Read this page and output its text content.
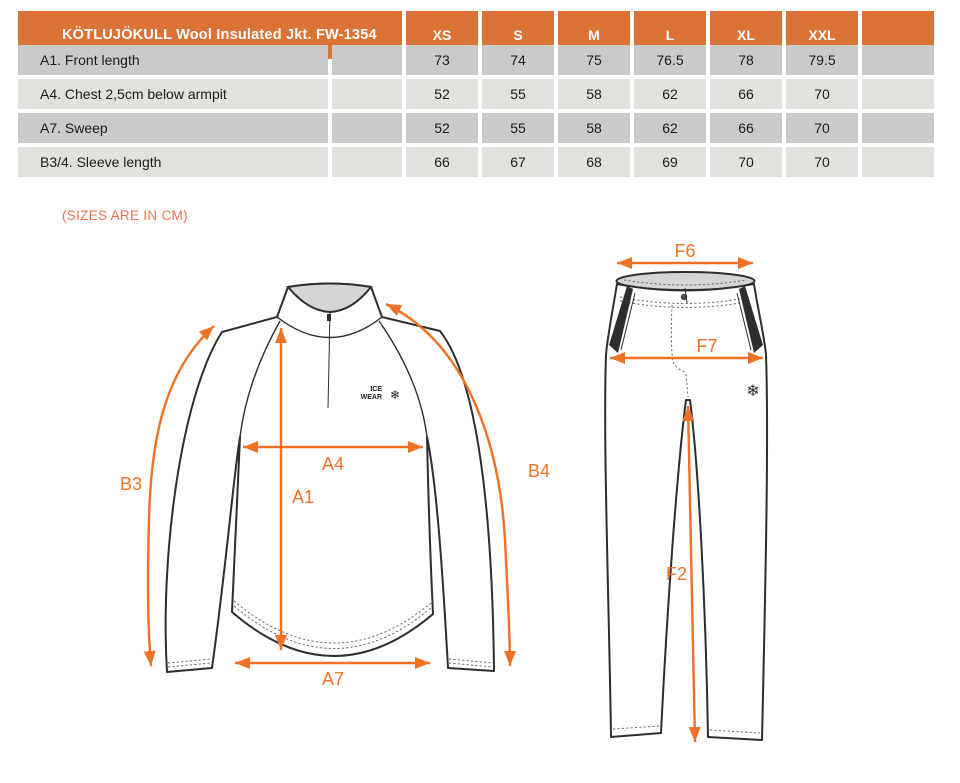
KÖTLUJÖKULL Wool Insulated Jkt. FW-1354	XS	S	M	L	XL	XXL
A1. Front length	73	74	75	76.5	78	79.5
A4. Chest 2,5cm below armpit	52	55	58	62	66	70
A7. Sweep	52	55	58	62	66	70
B3/4. Sleeve length	66	67	68	69	70	70
(SIZES ARE IN CM)
ICE
WEAR ❄
A4
A1
A7
B3
B4
❄
F6
F7
F2
